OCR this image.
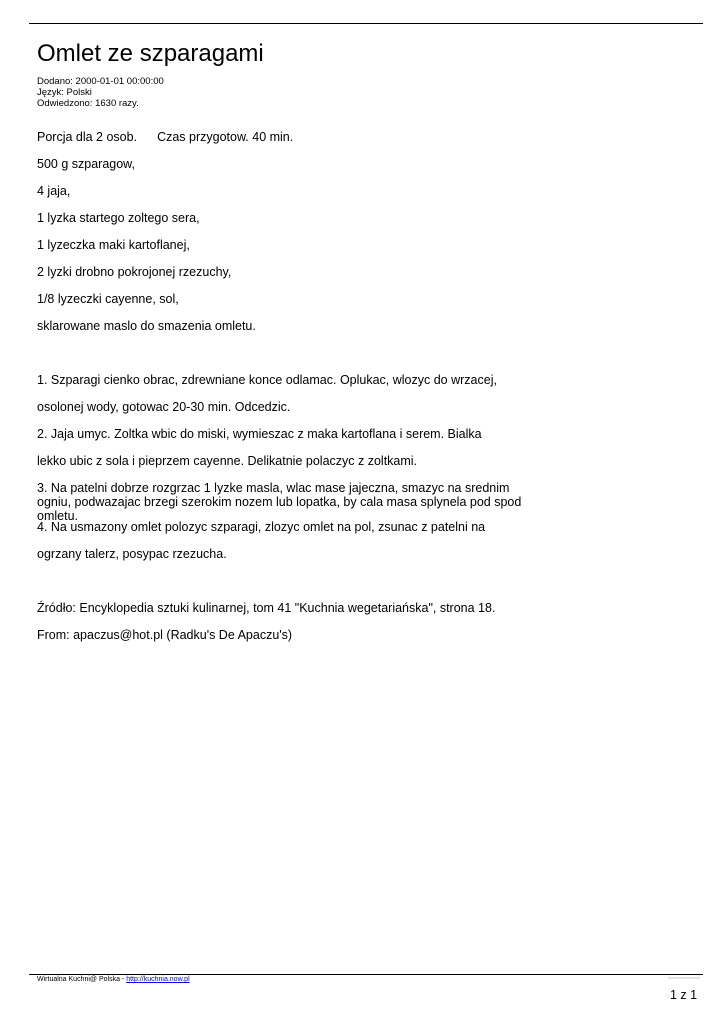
Omlet ze szparagami
Dodano: 2000-01-01 00:00:00
Język: Polski
Odwiedzono: 1630 razy.
Porcja dla 2 osob. Czas przygotow. 40 min.
500 g szparagow,
4 jaja,
1 lyzka startego zoltego sera,
1 lyzeczka maki kartoflanej,
2 lyzki drobno pokrojonej rzezuchy,
1/8 lyzeczki cayenne, sol,
sklarowane maslo do smazenia omletu.
1. Szparagi cienko obrac, zdrewniane konce odlamac. Oplukac, wlozyc do wrzacej,
osolonej wody, gotowac 20-30 min. Odcedzic.
2. Jaja umyc. Zoltka wbic do miski, wymieszac z maka kartoflana i serem. Bialka
lekko ubic z sola i pieprzem cayenne. Delikatnie polaczyc z zoltkami.
3. Na patelni dobrze rozgrzac 1 lyzke masla, wlac mase jajeczna, smazyc na srednim ogniu, podwazajac brzegi szerokim nozem lub lopatka, by cala masa splynela pod spod omletu.
4. Na usmazony omlet polozyc szparagi, zlozyc omlet na pol, zsunac z patelni na
ogrzany talerz, posypac rzezucha.
Źródło: Encyklopedia sztuki kulinarnej, tom 41 "Kuchnia wegetariańska", strona 18.
From: apaczus@hot.pl (Radku's De Apaczu's)
Wirtualna Kuchni@ Polska - http://kuchnia.now.pl
1 z 1
